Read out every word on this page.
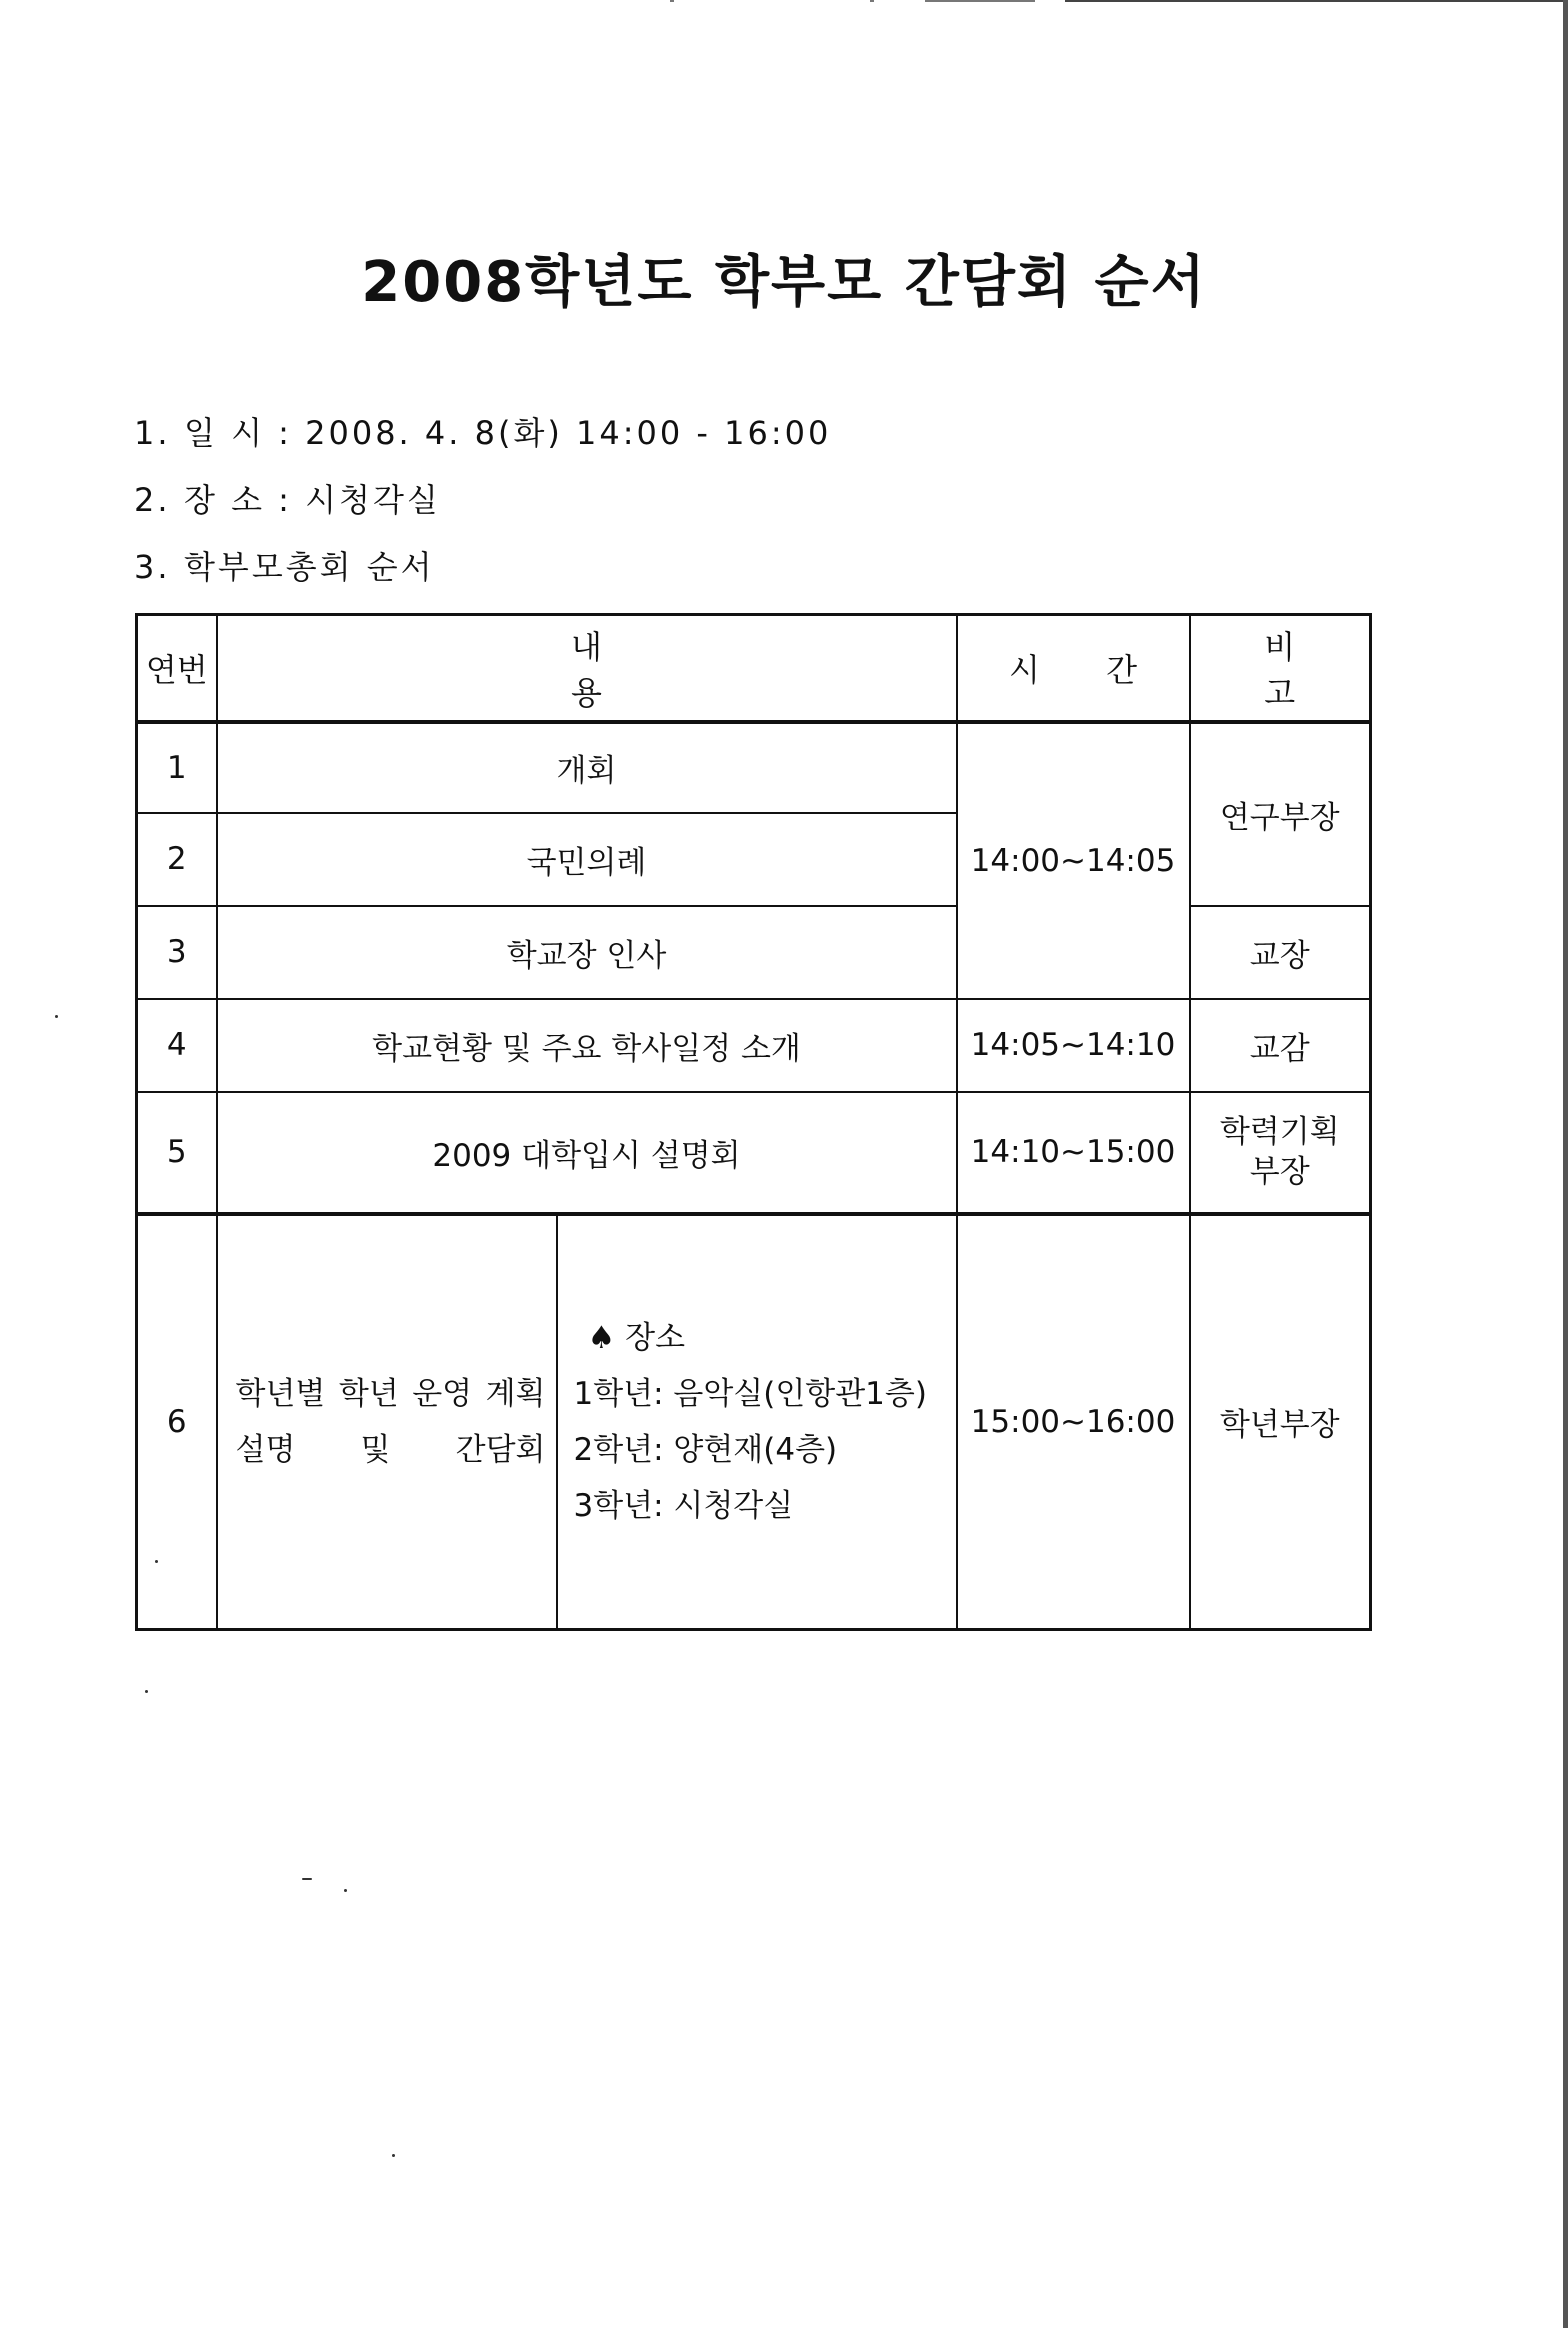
2008학년도 학부모 간담회 순서

1. 일 시 : 2008. 4. 8(화) 14:00 - 16:00

2. 장 소 : 시청각실

3. 학부모총회 순서

연번	내 용		시 간	비 고
1	개회		14:00~14:05	연구부장
2	국민의례			
3	학교장 인사			교장
4	학교현황 및 주요 학사일정 소개		14:05~14:10	교감
5	2009 대학입시 설명회		14:10~15:00	학력기획
부장

6	학년별 학년 운영 계획 설명 및 간담회	♠ 장소
1학년: 음악실(인항관1층)
2학년: 양현재(4층)
3학년: 시청각실	15:00~16:00	학년부장
